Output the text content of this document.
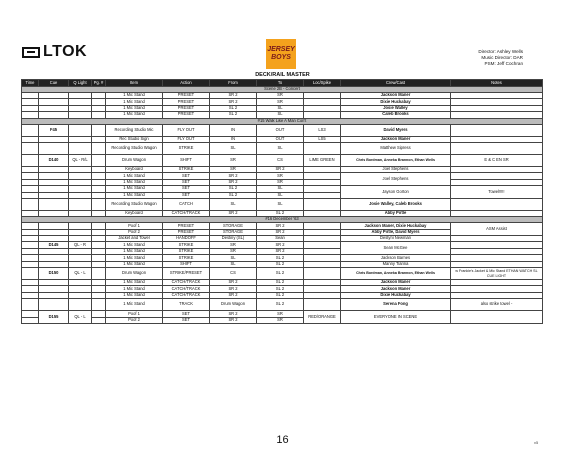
LTOK	JERSEY
BOYS
Director: Ashley Wells
Music Director: DAR
PSM: Jeff Cochran
DECK/RAIL MASTER
Time	Cue	Q Light	Pg. #	Item	Action	From	To	Loc/Spike	Crew/Cast	Notes
Scene 2B - Concert										
				1 Mic Stand	PRESET	SR 2	SR		Jackson Maner	
				1 Mic Stand	PRESET	SR 2	SR		Dixie Huckabay	
				1 Mic Stand	PRESET	SL 2	SL		Josie Walley	
				1 Mic Stand	PRESET	SL 2	SL		Caleb Brooks	
#15 Walk Like A Man Con't										
	F45			Recording Studio Mic	FLY OUT	IN	OUT	LS3	David Myers	
				Rec Studio Sign	FLY OUT	IN	OUT	LS5	Jackson Maner	
				Recording Studio Wagon	STRIKE	SL	SL		Matthew Sipress	
	D140	QL - R/L		Drum Wagon	SHIFT	SR	CS	LIME GREEN	Chris Bordman, Anneka Brannon, Ethan Wells	E & C EN SR
				Keyboard	STRIKE	SR	SR 2		Joel Stephens	
				1 Mic Stand	SET	SR 2	SR		Joel Stephens	
				1 Mic Stand	SET	SR 2	SR			
				1 Mic Stand	SET	SL 2	SL		Jayson Gorton	Towel!!!!!
				1 Mic Stand	SET	SL 2	SL			
				Recording Studio Wagon	CATCH	SL	SL		Josie Walley, Caleb Brooks	
				Keyboard	CATCH/TRACK	SR 2	SL 2		Abby Pirtle	
#16 December '63										
				Poof 1	PRESET	STORAGE	SR 2		Jackson Maner, Dixie Huckabay	ASM Assist
				Poof 2	PRESET	STORAGE	SR 2		Abby Pirtle, David Myers	
				Jacket and Towel	HANDOFF	Destiny (SL)	Sean		Destyni Newman	
	D145	QL - R		1 Mic Stand	STRIKE	SR	SR 2		Sean McGee	
				1 Mic Stand	STRIKE	SR	SR 2			
				1 Mic Stand	STRIKE	SL	SL 2		Jackson Barnes	
				1 Mic Stand	SHIFT	SL	SL 2		Manny Tiarina	
	D150	QL - L		Drum Wagon	STRIKE/PRESET	CS	SL 2		Chris Bordman, Anneka Brannon, Ethan Wells	w Frankie's Jacket & Mic Stand ETHAN WATCH SL CUE LIGHT
				1 Mic Stand	CATCH/TRACK	SR 2	SL 2		Jackson Maner	
				1 Mic Stand	CATCH/TRACK	SR 2	SL 2		Jackson Maner	
				1 Mic Stand	CATCH/TRACK	SR 2	SL 2		Dixie Huckabay	
				1 Mic Stand	TRACK	Drum Wagon	SL 2		Serena Fong	also strike towel -
	D155	QL - L		Poof 1	SET	SR 2	SR	RED/ORANGE	EVERYONE IN SCENE	
				Poof 2	SET	SR 2	SR			
16	v5
